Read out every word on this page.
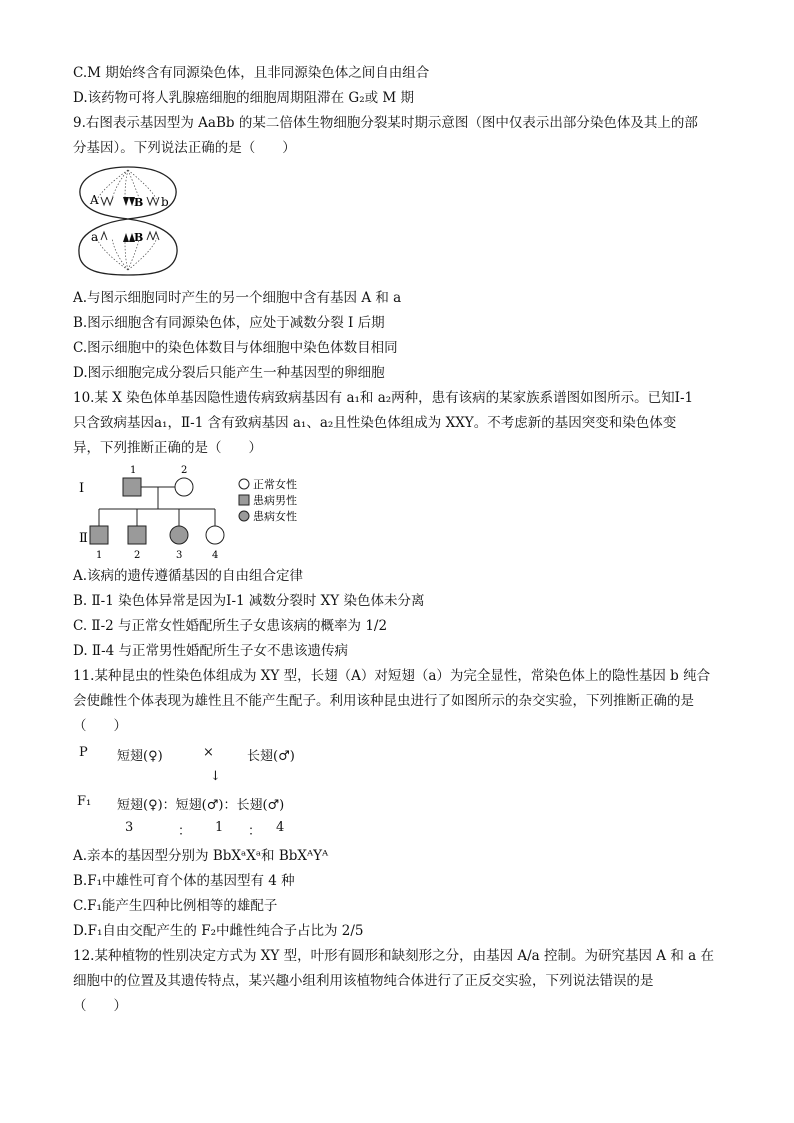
C.M 期始终含有同源染色体，且非同源染色体之间自由组合
D.该药物可将人乳腺癌细胞的细胞周期阻滞在 G₂或 M 期
9.右图表示基因型为 AaBb 的某二倍体生物细胞分裂某时期示意图（图中仅表示出部分染色体及其上的部
分基因）。下列说法正确的是（　　）
A	B b
a	B
A.与图示细胞同时产生的另一个细胞中含有基因 A 和 a
B.图示细胞含有同源染色体，应处于减数分裂 I 后期
C.图示细胞中的染色体数目与体细胞中染色体数目相同
D.图示细胞完成分裂后只能产生一种基因型的卵细胞
10.某 X 染色体单基因隐性遗传病致病基因有 a₁和 a₂两种，患有该病的某家族系谱图如图所示。已知Ⅰ-1
只含致病基因a₁，Ⅱ-1 含有致病基因 a₁、a₂且性染色体组成为 XXY。不考虑新的基因突变和染色体变
异，下列推断正确的是（　　）
Ⅰ
Ⅱ
1	2
1	2	3	4
正常女性
患病男性
患病女性
A.该病的遗传遵循基因的自由组合定律
B. Ⅱ-1 染色体异常是因为Ⅰ-1 减数分裂时 XY 染色体未分离
C. Ⅱ-2 与正常女性婚配所生子女患该病的概率为 1/2
D. Ⅱ-4 与正常男性婚配所生子女不患该遗传病
11.某种昆虫的性染色体组成为 XY 型，长翅（A）对短翅（a）为完全显性，常染色体上的隐性基因 b 纯合
会使雌性个体表现为雄性且不能产生配子。利用该种昆虫进行了如图所示的杂交实验，下列推断正确的是
（　　）
P 短翅(♀)	×	长翅(♂)
↓
F₁ 短翅(♀)：短翅(♂)：长翅(♂)
3	： 1 ： 4
A.亲本的基因型分别为 BbXᵃXᵃ和 BbXᴬYᴬ
B.F₁中雄性可育个体的基因型有 4 种
C.F₁能产生四种比例相等的雄配子
D.F₁自由交配产生的 F₂中雌性纯合子占比为 2/5
12.某种植物的性别决定方式为 XY 型，叶形有圆形和缺刻形之分，由基因 A/a 控制。为研究基因 A 和 a 在
细胞中的位置及其遗传特点，某兴趣小组利用该植物纯合体进行了正反交实验，下列说法错误的是
（　　）
